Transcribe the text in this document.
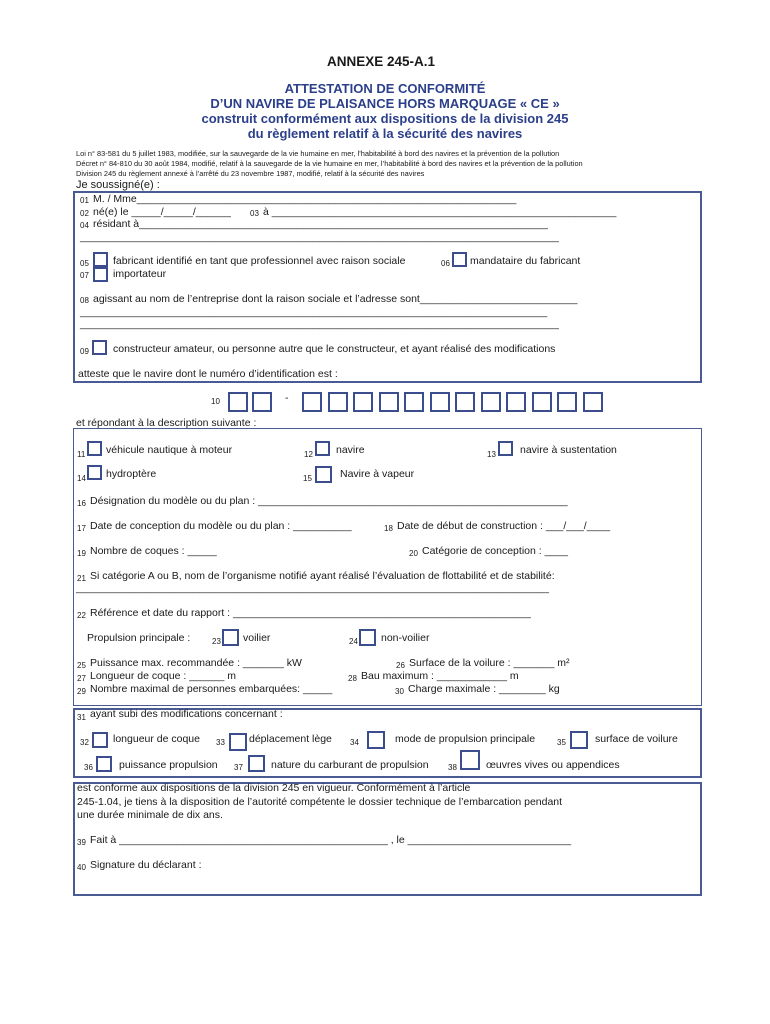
ANNEXE 245-A.1
ATTESTATION DE CONFORMITÉ
D’UN NAVIRE DE PLAISANCE HORS MARQUAGE « CE »
construit conformément aux dispositions de la division 245
du règlement relatif à la sécurité des navires
Loi n° 83-581 du 5 juillet 1983, modifiée, sur la sauvegarde de la vie humaine en mer, l’habitabilité à bord des navires et la prévention de la pollution
Décret n° 84-810 du 30 août 1984, modifié, relatif à la sauvegarde de la vie humaine en mer, l’habitabilité à bord des navires et la prévention de la pollution
Division 245 du règlement annexé à l’arrêté du 23 novembre 1987, modifié, relatif à la sécurité des navires
Je soussigné(e) :
01 M. / Mme_________________________________________________________________
02 né(e) le _____/_____/______ 03 à ___________________________________________________________
04 résidant à______________________________________________________________________
__________________________________________________________________________________
05 fabricant identifié en tant que professionnel avec raison sociale	06 mandataire du fabricant
07 importateur
08 agissant au nom de l’entreprise dont la raison sociale et l’adresse sont___________________________
________________________________________________________________________________
__________________________________________________________________________________
09 constructeur amateur, ou personne autre que le constructeur, et ayant réalisé des modifications
atteste que le navire dont le numéro d’identification est :
10	-
et répondant à la description suivante :
11 véhicule nautique à moteur	12 navire	13 navire à sustentation
14 hydroptère	15	Navire à vapeur
16 Désignation du modèle ou du plan : _____________________________________________________
17 Date de conception du modèle ou du plan : __________	18 Date de début de construction : ___/___/____
19 Nombre de coques : _____	20 Catégorie de conception : ____
21 Si catégorie A ou B, nom de l’organisme notifié ayant réalisé l’évaluation de flottabilité et de stabilité:
_________________________________________________________________________________
22 Référence et date du rapport : ___________________________________________________
Propulsion principale :	23 voilier	24 non-voilier
25 Puissance max. recommandée : _______ kW	26 Surface de la voilure : _______ m²
27 Longueur de coque : ______ m	28 Bau maximum : ____________ m
29 Nombre maximal de personnes embarquées: _____	30 Charge maximale : ________ kg
31 ayant subi des modifications concernant :
32 longueur de coque 33 déplacement lège 34	mode de propulsion principale	35	surface de voilure
36 puissance propulsion 37	nature du carburant de propulsion 38	œuvres vives ou appendices
est conforme aux dispositions de la division 245 en vigueur. Conformément à l’article
245-1.04, je tiens à la disposition de l’autorité compétente le dossier technique de l’embarcation pendant
une durée minimale de dix ans.
39 Fait à ______________________________________________ , le ____________________________
40 Signature du déclarant :
